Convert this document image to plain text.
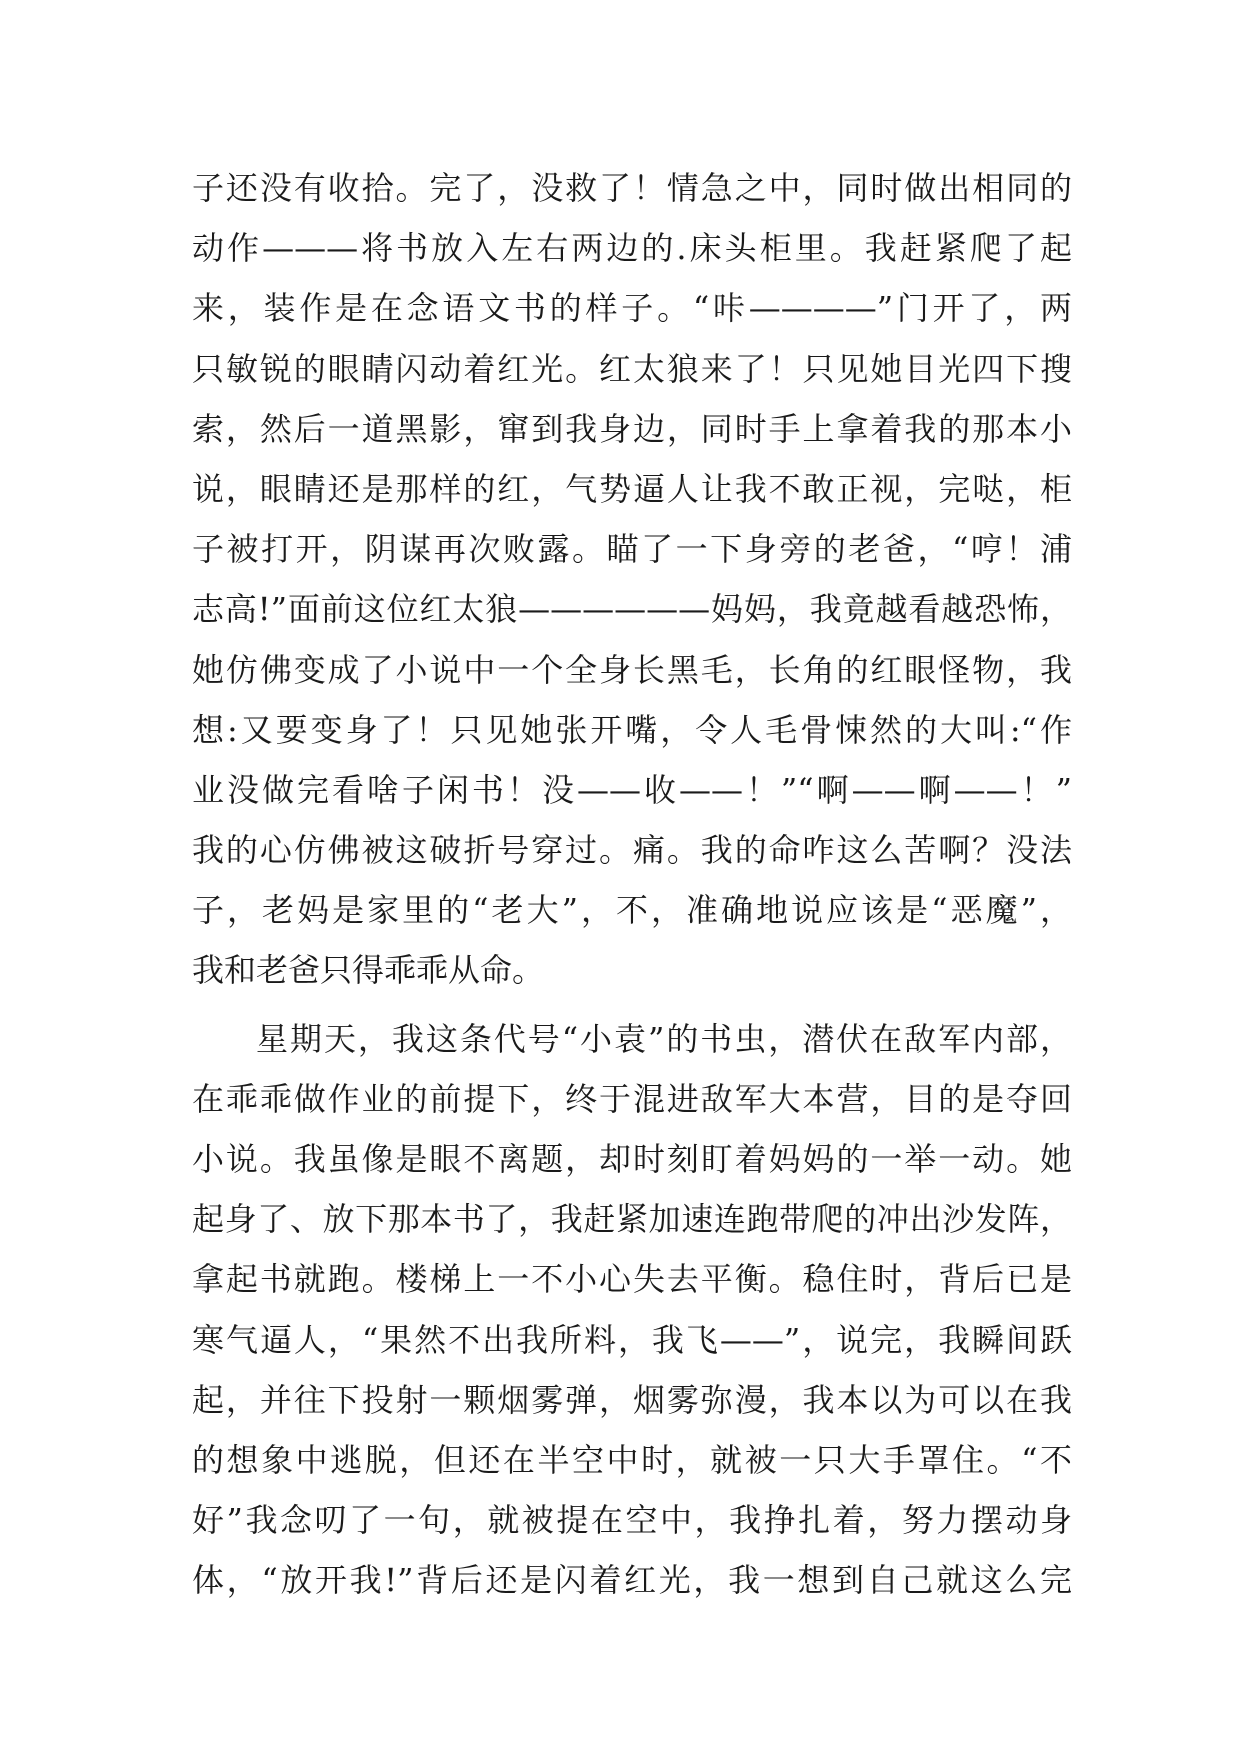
子还没有收拾。完了，没救了！情急之中，同时做出相同的
动作———将书放入左右两边的.床头柜里。我赶紧爬了起
来，装作是在念语文书的样子。“咔————”门开了，两
只敏锐的眼睛闪动着红光。红太狼来了！只见她目光四下搜
索，然后一道黑影，窜到我身边，同时手上拿着我的那本小
说，眼睛还是那样的红，气势逼人让我不敢正视，完哒，柜
子被打开，阴谋再次败露。瞄了一下身旁的老爸，“哼！浦
志高!”面前这位红太狼——————妈妈，我竟越看越恐怖，
她仿佛变成了小说中一个全身长黑毛，长角的红眼怪物，我
想:又要变身了！只见她张开嘴，令人毛骨悚然的大叫:“作
业没做完看啥子闲书！没——收——！”“啊——啊——！”
我的心仿佛被这破折号穿过。痛。我的命咋这么苦啊？没法
子，老妈是家里的“老大”，不，准确地说应该是“恶魔”，
我和老爸只得乖乖从命。
星期天，我这条代号“小袁”的书虫，潜伏在敌军内部，
在乖乖做作业的前提下，终于混进敌军大本营，目的是夺回
小说。我虽像是眼不离题，却时刻盯着妈妈的一举一动。她
起身了、放下那本书了，我赶紧加速连跑带爬的冲出沙发阵，
拿起书就跑。楼梯上一不小心失去平衡。稳住时，背后已是
寒气逼人，“果然不出我所料，我飞——”，说完，我瞬间跃
起，并往下投射一颗烟雾弹，烟雾弥漫，我本以为可以在我
的想象中逃脱，但还在半空中时，就被一只大手罩住。“不
好”我念叨了一句，就被提在空中，我挣扎着，努力摆动身
体，“放开我!”背后还是闪着红光，我一想到自己就这么完
